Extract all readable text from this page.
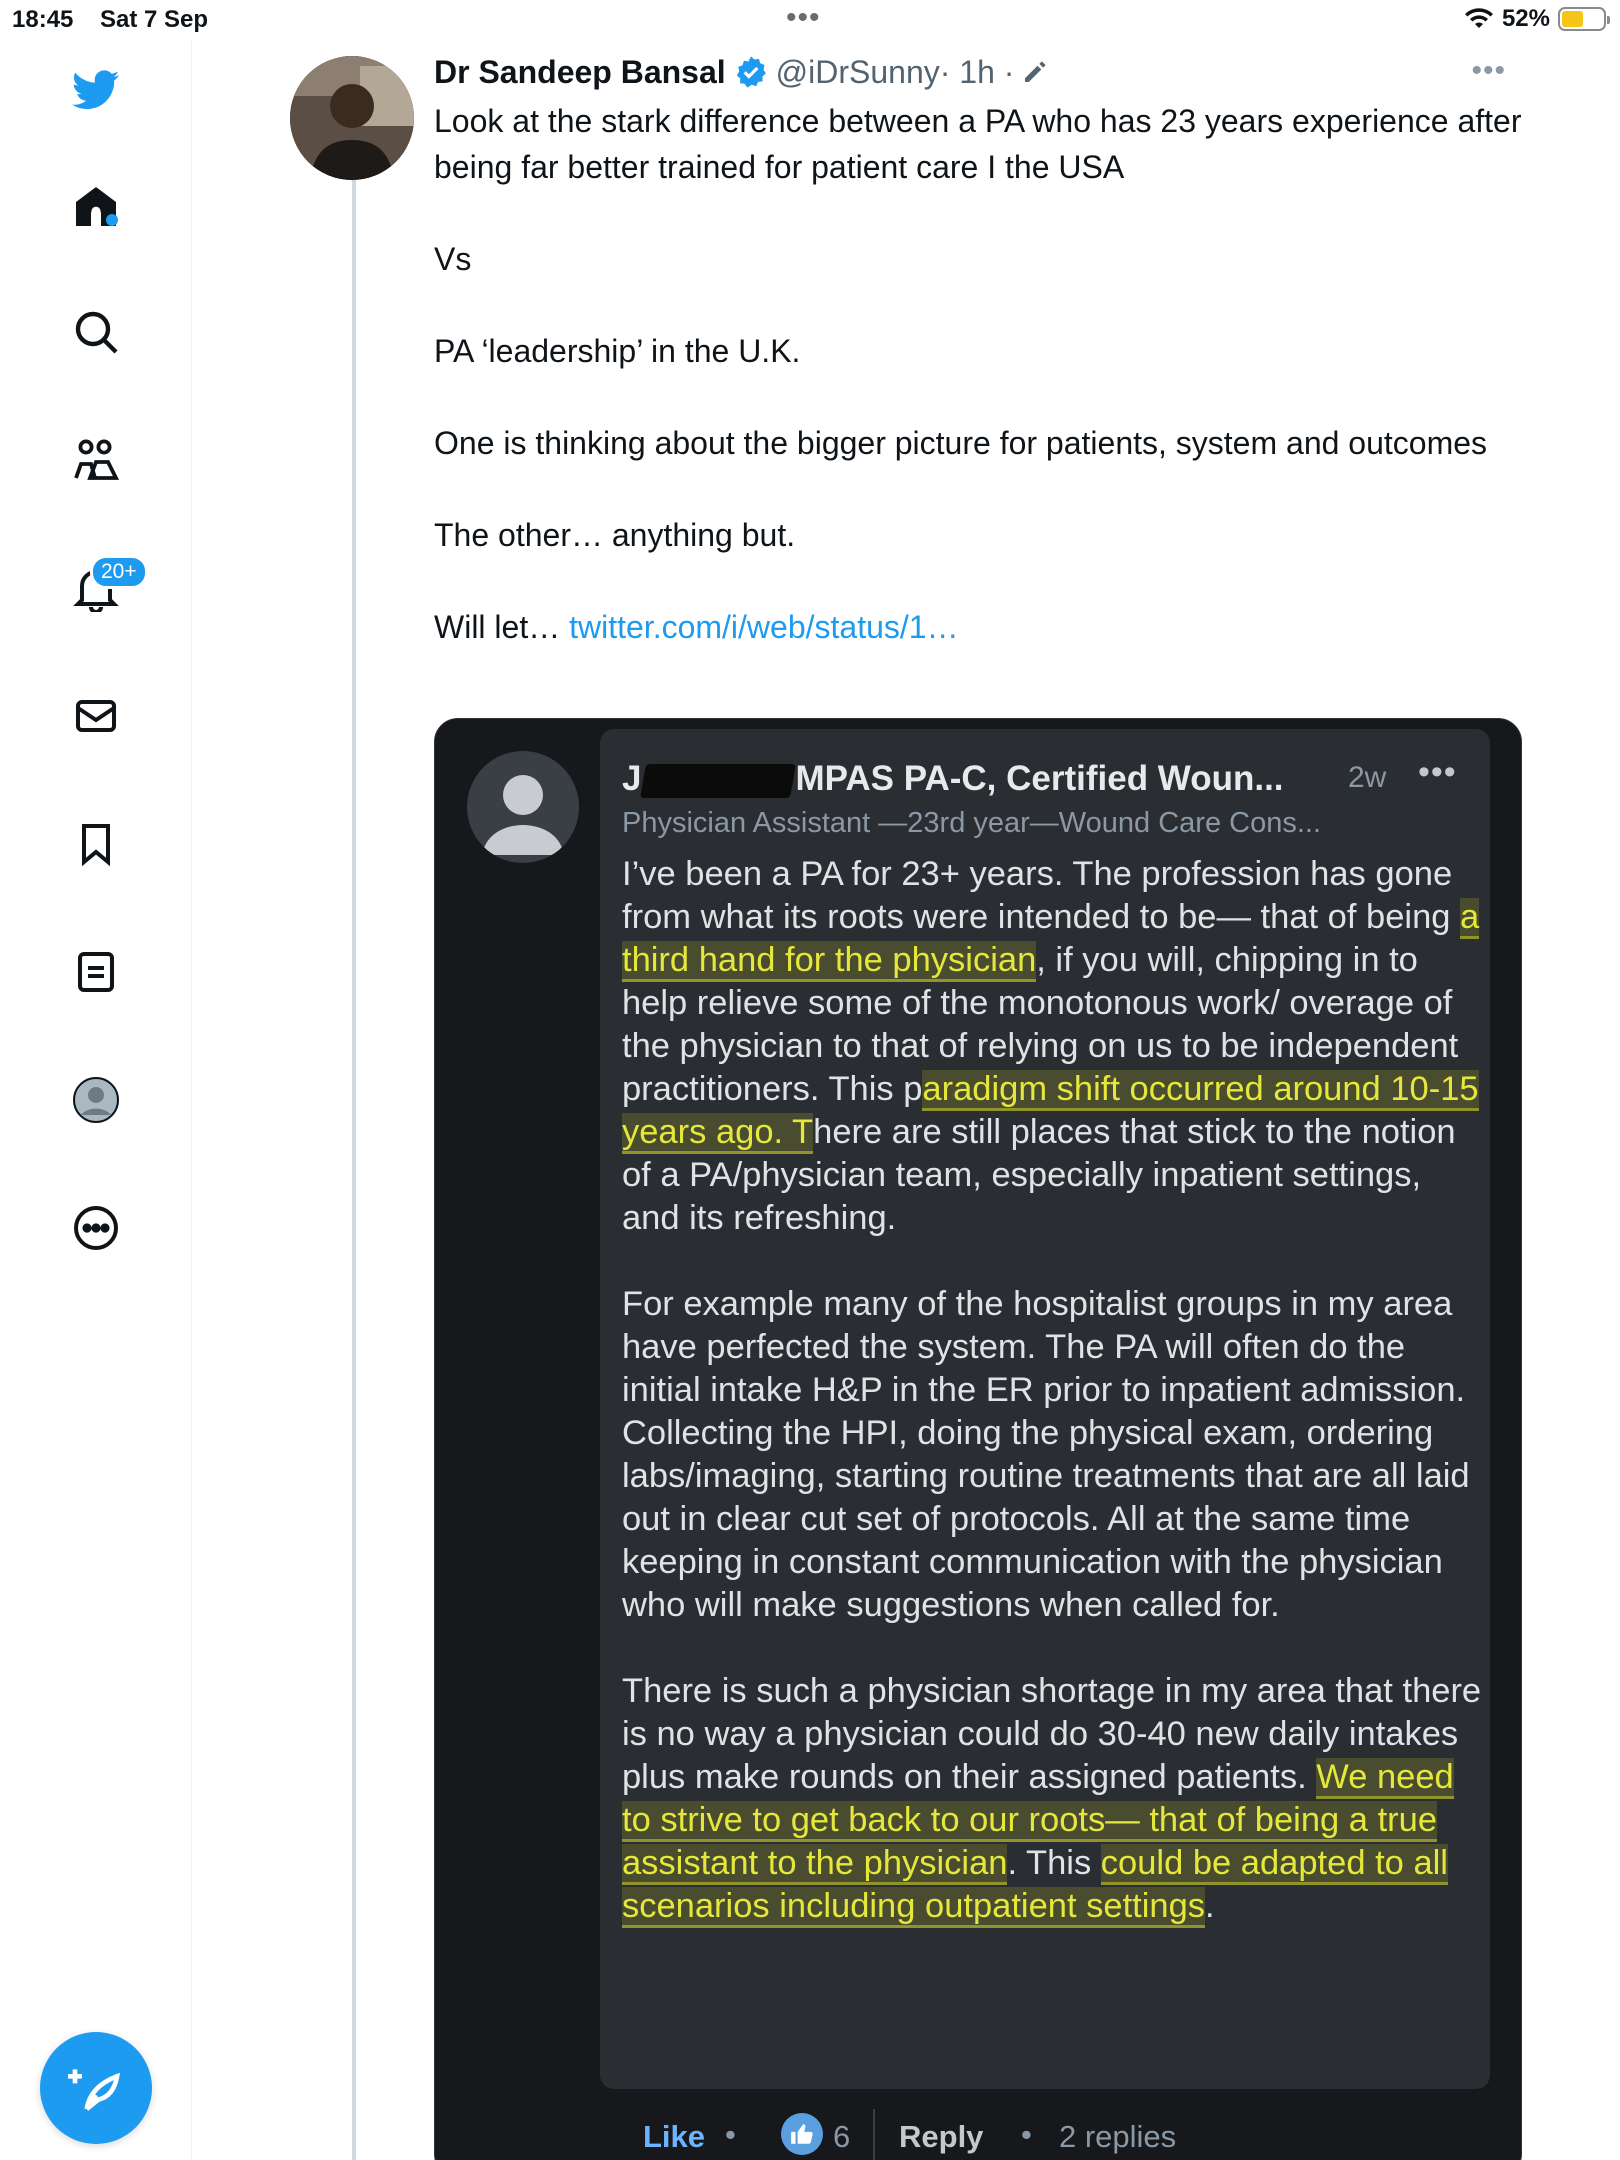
18:45 Sat 7 Sep	•••	52%
20+
Dr Sandeep Bansal @iDrSunny · 1h ·	•••
Look at the stark difference between a PA who has 23 years experience after being far better trained for patient care I the USA

Vs

PA ‘leadership’ in the U.K.

One is thinking about the bigger picture for patients, system and outcomes

The other… anything but.

Will let… twitter.com/i/web/status/1…
J	MPAS PA-C, Certified Woun... 2w •••
Physician Assistant —23rd year—Wound Care Cons...

I’ve been a PA for 23+ years. The profession has gone from what its roots were intended to be— that of being a third hand for the physician, if you will, chipping in to help relieve some of the monotonous work/ overage of the physician to that of relying on us to be independent practitioners. This paradigm shift occurred around 10-15 years ago. There are still places that stick to the notion of a PA/physician team, especially inpatient settings, and its refreshing.

For example many of the hospitalist groups in my area have perfected the system. The PA will often do the initial intake H&P in the ER prior to inpatient admission. Collecting the HPI, doing the physical exam, ordering labs/imaging, starting routine treatments that are all laid out in clear cut set of protocols. All at the same time keeping in constant communication with the physician who will make suggestions when called for.

There is such a physician shortage in my area that there is no way a physician could do 30-40 new daily intakes plus make rounds on their assigned patients. We need to strive to get back to our roots— that of being a true assistant to the physician. This could be adapted to all scenarios including outpatient settings.

Like •	6 Reply • 2 replies
